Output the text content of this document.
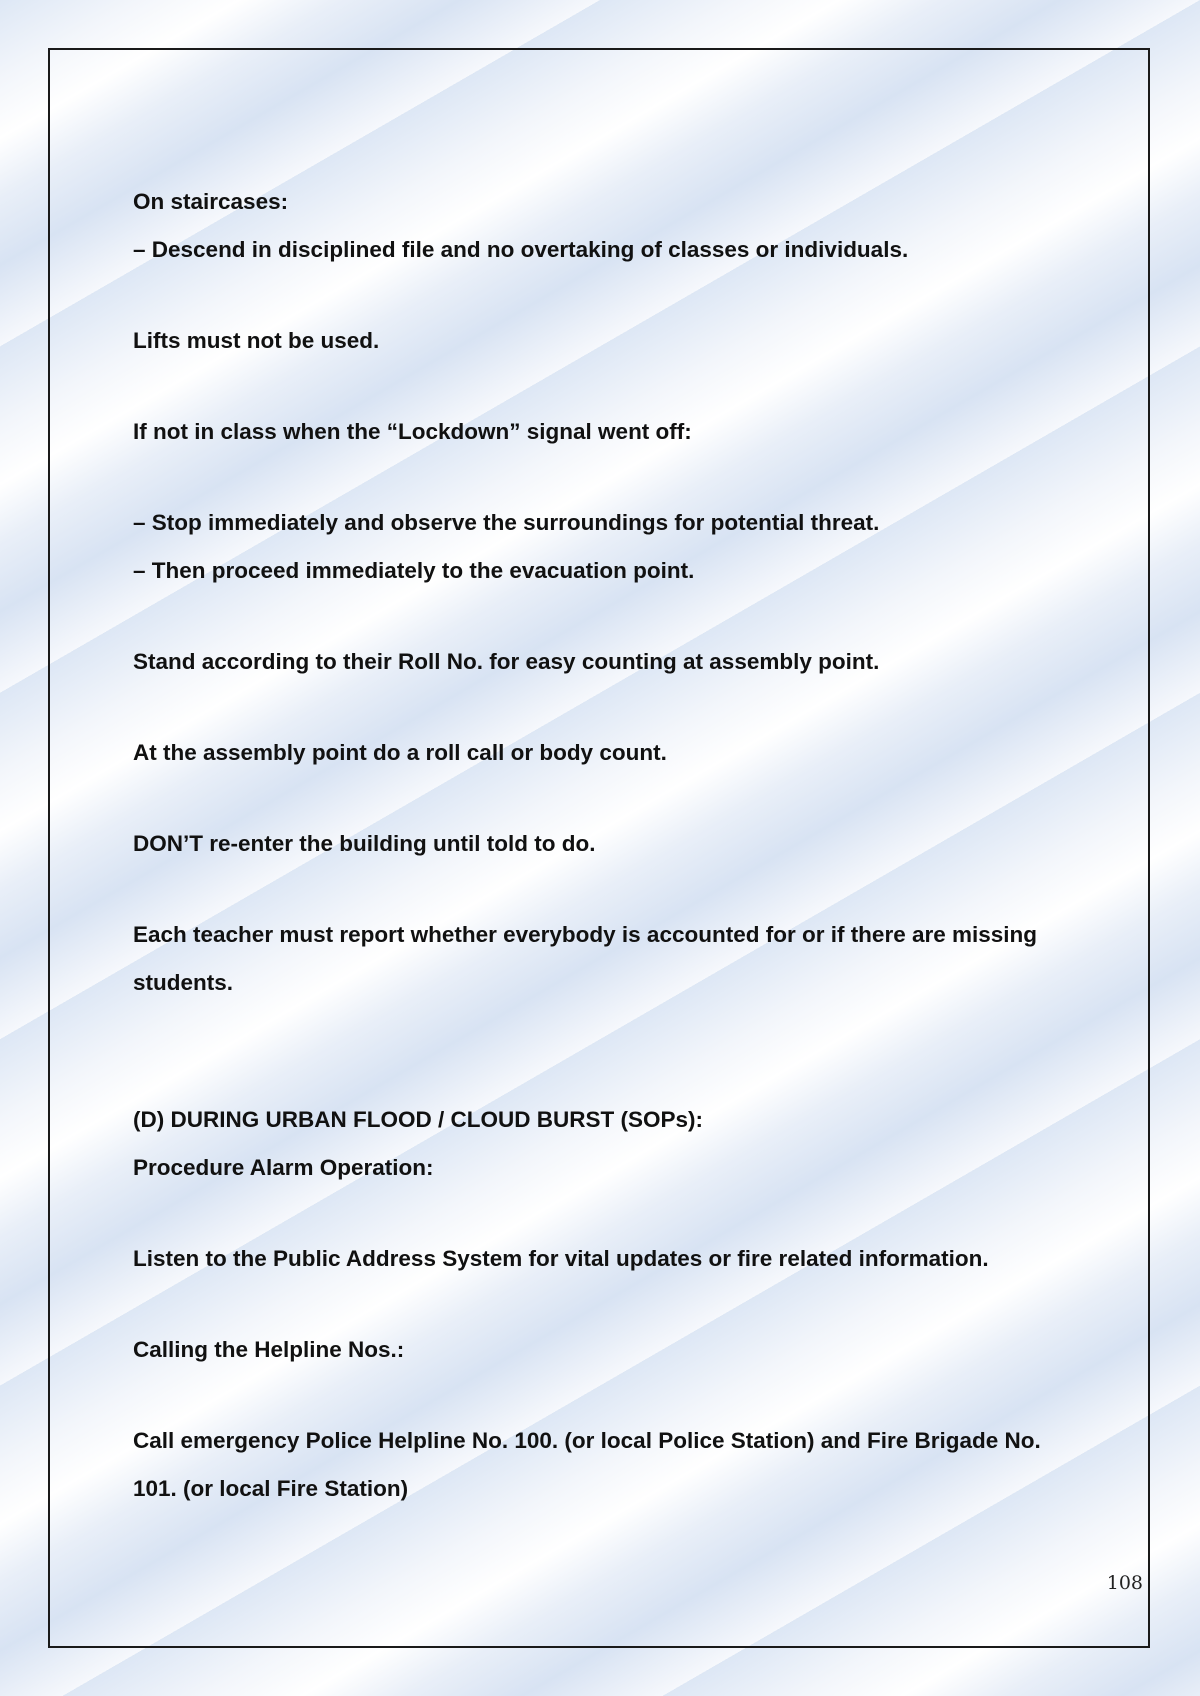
On staircases:
– Descend in disciplined file and no overtaking of classes or individuals.
Lifts must not be used.
If not in class when the “Lockdown” signal went off:
– Stop immediately and observe the surroundings for potential threat.
– Then proceed immediately to the evacuation point.
Stand according to their Roll No. for easy counting at assembly point.
At the assembly point do a roll call or body count.
DON’T re-enter the building until told to do.
Each teacher must report whether everybody is accounted for or if there are missing
students.
(D) DURING URBAN FLOOD / CLOUD BURST (SOPs):
Procedure Alarm Operation:
Listen to the Public Address System for vital updates or fire related information.
Calling the Helpline Nos.:
Call emergency Police Helpline No. 100. (or local Police Station) and Fire Brigade No.
101. (or local Fire Station)
108
